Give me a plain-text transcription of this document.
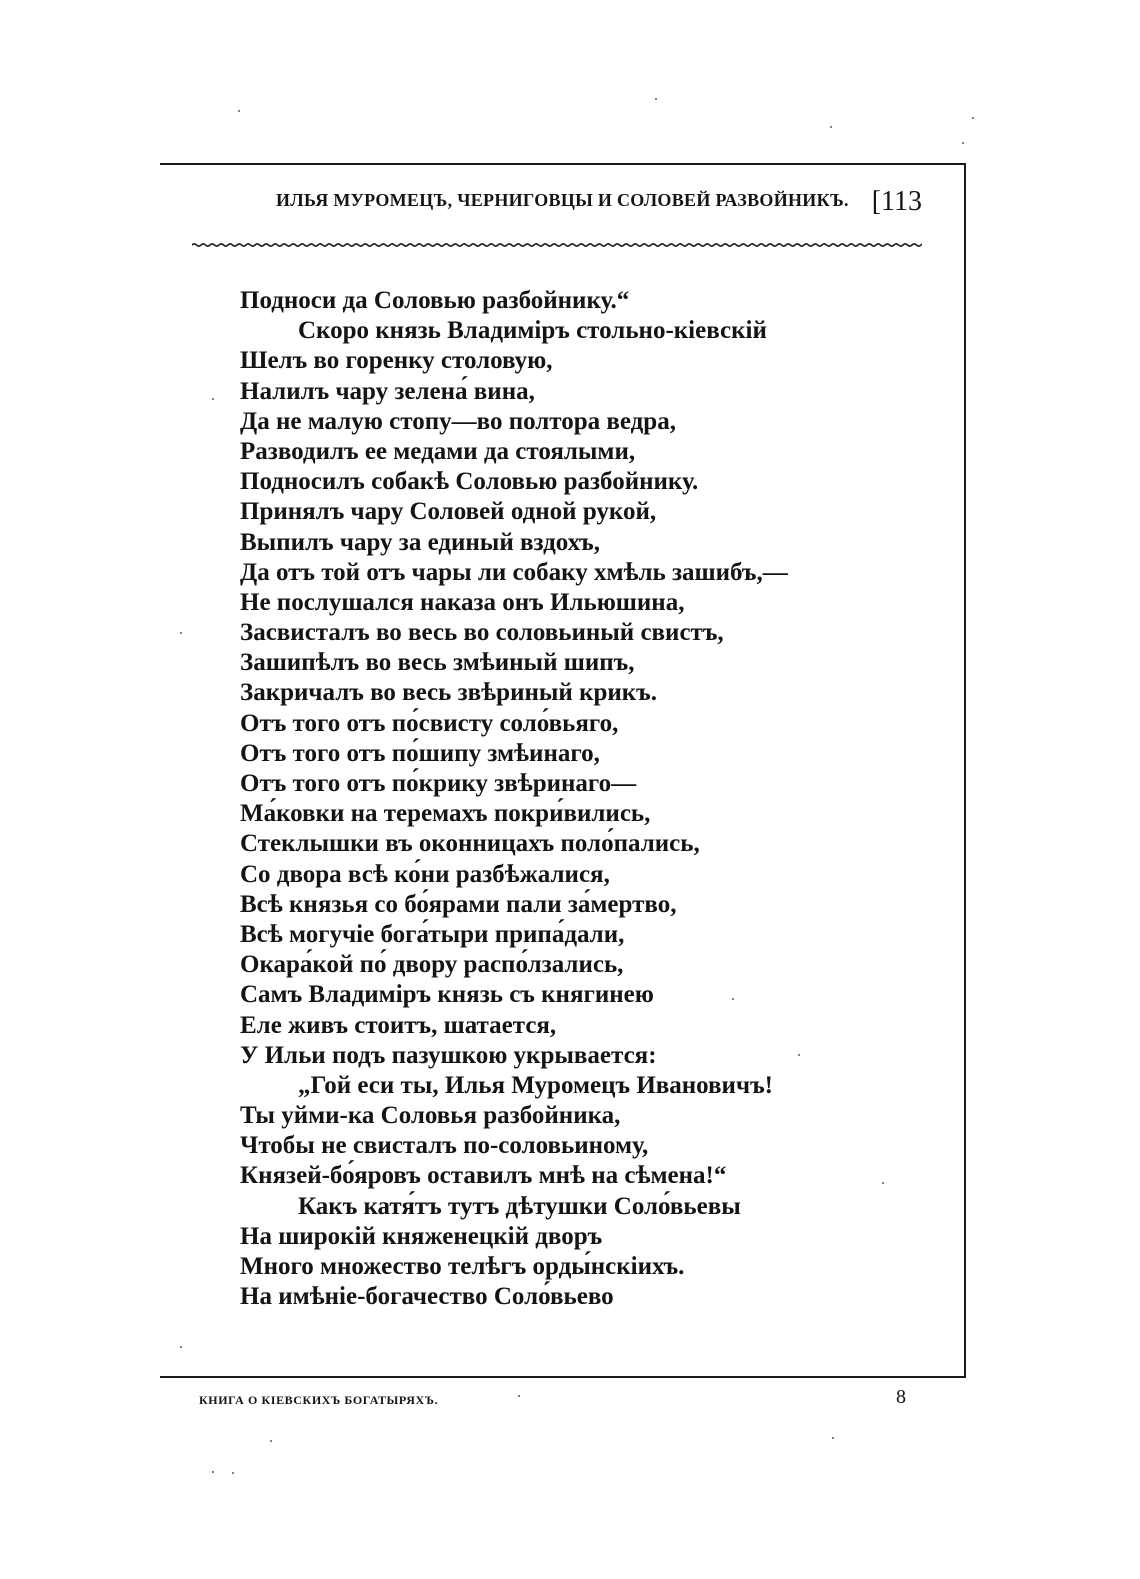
ИЛЬЯ МУРОМЕЦЪ, ЧЕРНИГОВЦЫ И СОЛОВЕЙ РАЗВОЙНИКЪ. [113
Подноси да Соловью разбойнику.“
Скоро князь Владиміръ стольно-кіевскій
Шелъ во горенку столовую,
Налилъ чару зелена́ вина,
Да не малую стопу—во полтора ведра,
Разводилъ ее медами да стоялыми,
Подносилъ собакѣ Соловью разбойнику.
Принялъ чару Соловей одной рукой,
Выпилъ чару за единый вздохъ,
Да отъ той отъ чары ли собаку хмѣль зашибъ,—
Не послушался наказа онъ Ильюшина,
Засвисталъ во весь во соловьиный свистъ,
Зашипѣлъ во весь змѣиный шипъ,
Закричалъ во весь звѣриный крикъ.
Отъ того отъ по́свисту соло́вьяго,
Отъ того отъ по́шипу змѣинаго,
Отъ того отъ по́крику звѣринаго—
Ма́ковки на теремахъ покри́вились,
Стеклышки въ оконницахъ поло́пались,
Со двора всѣ ко́ни разбѣжалися,
Всѣ князья со бо́ярами пали за́мертво,
Всѣ могучіе бога́тыри припа́дали,
Окара́кой по́ двору распо́лзались,
Самъ Владиміръ князь съ княгинею
Еле живъ стоитъ, шатается,
У Ильи подъ пазушкою укрывается:
„Гой еси ты, Илья Муромецъ Ивановичъ!
Ты уйми-ка Соловья разбойника,
Чтобы не свисталъ по-соловьиному,
Князей-бо́яровъ оставилъ мнѣ на сѣмена!“
Какъ катя́тъ тутъ дѣтушки Соло́вьевы
На широкій княженецкій дворъ
Много множество телѣгъ орды́нскіихъ.
На имѣніе-богачество Соло́вьево
КНИГА О КІЕВСКИХЪ БОГАТЫРЯХЪ.	8
